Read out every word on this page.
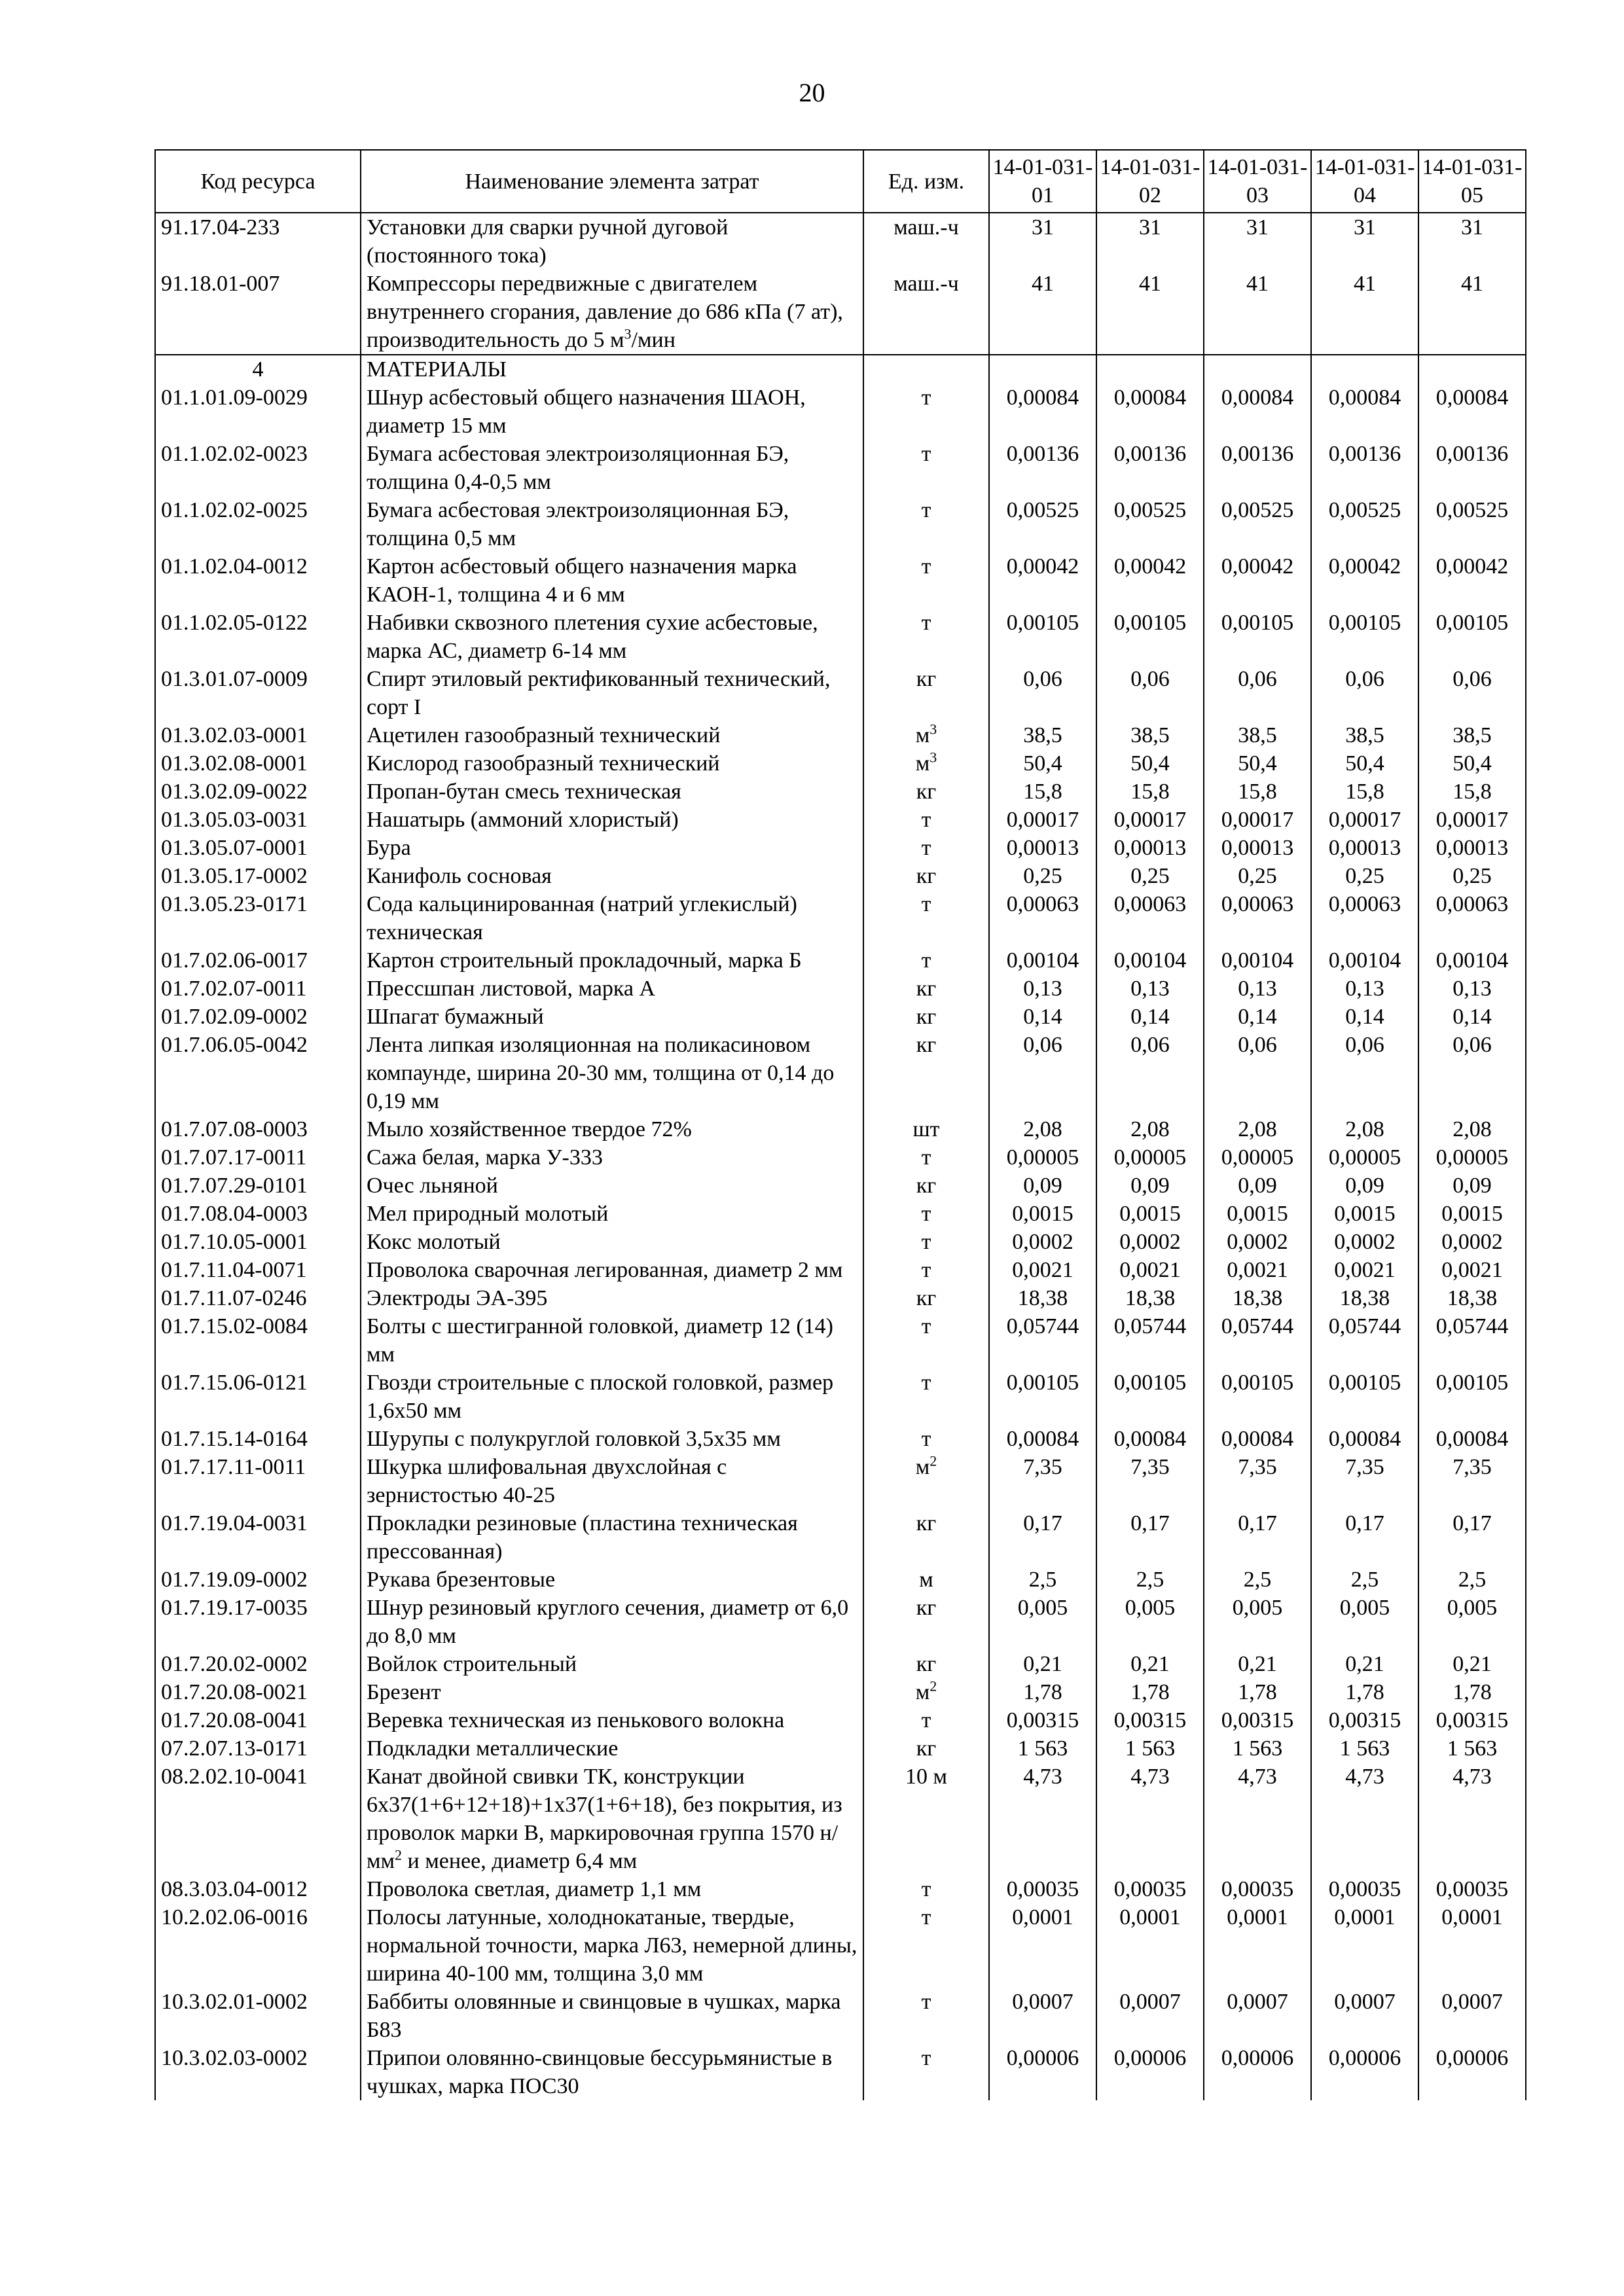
20
Код ресурса	Наименование элемента затрат	Ед. изм.	14-01-031-01	14-01-031-02	14-01-031-03	14-01-031-04	14-01-031-05
91.17.04-233	Установки для сварки ручной дуговой (постоянного тока)	маш.-ч	31	31	31	31	31
91.18.01-007	Компрессоры передвижные с двигателем внутреннего сгорания, давление до 686 кПа (7 ат), производительность до 5 $м^3$/мин	маш.-ч	41	41	41	41	41
4	МАТЕРИАЛЫ						
01.1.01.09-0029	Шнур асбестовый общего назначения ШАОН, диаметр 15 мм	т	0,00084	0,00084	0,00084	0,00084	0,00084
01.1.02.02-0023	Бумага асбестовая электроизоляционная БЭ, толщина 0,4-0,5 мм	т	0,00136	0,00136	0,00136	0,00136	0,00136
01.1.02.02-0025	Бумага асбестовая электроизоляционная БЭ, толщина 0,5 мм	т	0,00525	0,00525	0,00525	0,00525	0,00525
01.1.02.04-0012	Картон асбестовый общего назначения марка КАОН-1, толщина 4 и 6 мм	т	0,00042	0,00042	0,00042	0,00042	0,00042
01.1.02.05-0122	Набивки сквозного плетения сухие асбестовые, марка АС, диаметр 6-14 мм	т	0,00105	0,00105	0,00105	0,00105	0,00105
01.3.01.07-0009	Спирт этиловый ректификованный технический, сорт I	кг	0,06	0,06	0,06	0,06	0,06
01.3.02.03-0001	Ацетилен газообразный технический	$м^3$	38,5	38,5	38,5	38,5	38,5
01.3.02.08-0001	Кислород газообразный технический	$м^3$	50,4	50,4	50,4	50,4	50,4
01.3.02.09-0022	Пропан-бутан смесь техническая	кг	15,8	15,8	15,8	15,8	15,8
01.3.05.03-0031	Нашатырь (аммоний хлористый)	т	0,00017	0,00017	0,00017	0,00017	0,00017
01.3.05.07-0001	Бура	т	0,00013	0,00013	0,00013	0,00013	0,00013
01.3.05.17-0002	Канифоль сосновая	кг	0,25	0,25	0,25	0,25	0,25
01.3.05.23-0171	Сода кальцинированная (натрий углекислый) техническая	т	0,00063	0,00063	0,00063	0,00063	0,00063
01.7.02.06-0017	Картон строительный прокладочный, марка Б	т	0,00104	0,00104	0,00104	0,00104	0,00104
01.7.02.07-0011	Прессшпан листовой, марка А	кг	0,13	0,13	0,13	0,13	0,13
01.7.02.09-0002	Шпагат бумажный	кг	0,14	0,14	0,14	0,14	0,14
01.7.06.05-0042	Лента липкая изоляционная на поликасиновом компаунде, ширина 20-30 мм, толщина от 0,14 до 0,19 мм	кг	0,06	0,06	0,06	0,06	0,06
01.7.07.08-0003	Мыло хозяйственное твердое 72%	шт	2,08	2,08	2,08	2,08	2,08
01.7.07.17-0011	Сажа белая, марка У-333	т	0,00005	0,00005	0,00005	0,00005	0,00005
01.7.07.29-0101	Очес льняной	кг	0,09	0,09	0,09	0,09	0,09
01.7.08.04-0003	Мел природный молотый	т	0,0015	0,0015	0,0015	0,0015	0,0015
01.7.10.05-0001	Кокс молотый	т	0,0002	0,0002	0,0002	0,0002	0,0002
01.7.11.04-0071	Проволока сварочная легированная, диаметр 2 мм	т	0,0021	0,0021	0,0021	0,0021	0,0021
01.7.11.07-0246	Электроды ЭА-395	кг	18,38	18,38	18,38	18,38	18,38
01.7.15.02-0084	Болты с шестигранной головкой, диаметр 12 (14) мм	т	0,05744	0,05744	0,05744	0,05744	0,05744
01.7.15.06-0121	Гвозди строительные с плоской головкой, размер 1,6х50 мм	т	0,00105	0,00105	0,00105	0,00105	0,00105
01.7.15.14-0164	Шурупы с полукруглой головкой 3,5х35 мм	т	0,00084	0,00084	0,00084	0,00084	0,00084
01.7.17.11-0011	Шкурка шлифовальная двухслойная с зернистостью 40-25	$м^2$	7,35	7,35	7,35	7,35	7,35
01.7.19.04-0031	Прокладки резиновые (пластина техническая прессованная)	кг	0,17	0,17	0,17	0,17	0,17
01.7.19.09-0002	Рукава брезентовые	м	2,5	2,5	2,5	2,5	2,5
01.7.19.17-0035	Шнур резиновый круглого сечения, диаметр от 6,0 до 8,0 мм	кг	0,005	0,005	0,005	0,005	0,005
01.7.20.02-0002	Войлок строительный	кг	0,21	0,21	0,21	0,21	0,21
01.7.20.08-0021	Брезент	$м^2$	1,78	1,78	1,78	1,78	1,78
01.7.20.08-0041	Веревка техническая из пенькового волокна	т	0,00315	0,00315	0,00315	0,00315	0,00315
07.2.07.13-0171	Подкладки металлические	кг	1 563	1 563	1 563	1 563	1 563
08.2.02.10-0041	Канат двойной свивки ТК, конструкции 6х37(1+6+12+18)+1х37(1+6+18), без покрытия, из проволок марки В, маркировочная группа 1570 $н/мм^2$ и менее, диаметр 6,4 мм	10 м	4,73	4,73	4,73	4,73	4,73
08.3.03.04-0012	Проволока светлая, диаметр 1,1 мм	т	0,00035	0,00035	0,00035	0,00035	0,00035
10.2.02.06-0016	Полосы латунные, холоднокатаные, твердые, нормальной точности, марка Л63, немерной длины, ширина 40-100 мм, толщина 3,0 мм	т	0,0001	0,0001	0,0001	0,0001	0,0001
10.3.02.01-0002	Баббиты оловянные и свинцовые в чушках, марка Б83	т	0,0007	0,0007	0,0007	0,0007	0,0007
10.3.02.03-0002	Припои оловянно-свинцовые бессурьмянистые в чушках, марка ПОС30	т	0,00006	0,00006	0,00006	0,00006	0,00006
